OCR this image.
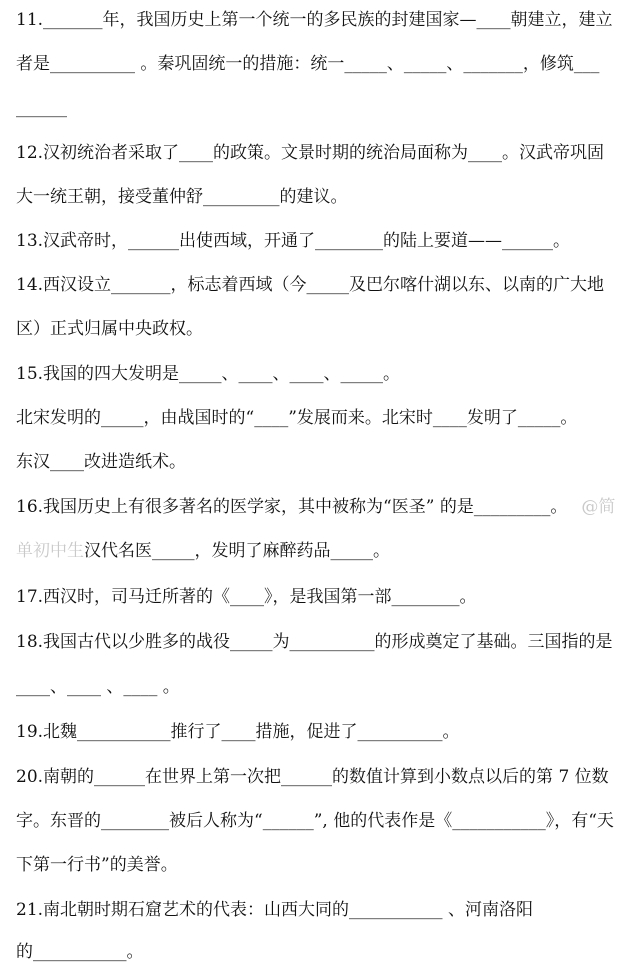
11._______年，我国历史上第一个统一的多民族的封建国家—____朝建立，建立

者是__________ 。秦巩固统一的措施：统一_____、_____、_______，修筑___

______

12.汉初统治者采取了____的政策。文景时期的统治局面称为____。汉武帝巩固

大一统王朝，接受董仲舒_________的建议。

13.汉武帝时，______出使西域，开通了________的陆上要道——______。

14.西汉设立_______，标志着西域（今_____及巴尔喀什湖以东、以南的广大地

区）正式归属中央政权。

15.我国的四大发明是_____、____、____、_____。

北宋发明的_____，由战国时的“____”发展而来。北宋时____发明了_____。

东汉____改进造纸术。

16.我国历史上有很多著名的医学家，其中被称为“医圣” 的是_________。 @简

单初中生汉代名医_____，发明了麻醉药品_____。

17.西汉时，司马迁所著的《____》，是我国第一部________。

18.我国古代以少胜多的战役_____为__________的形成奠定了基础。三国指的是

____、____ 、____ 。

19.北魏___________推行了____措施，促进了__________。

20.南朝的______在世界上第一次把______的数值计算到小数点以后的第 7 位数

字。东晋的________被后人称为“______”, 他的代表作是《___________》，有“天

下第一行书”的美誉。

21.南北朝时期石窟艺术的代表：山西大同的___________ 、河南洛阳

的___________。
